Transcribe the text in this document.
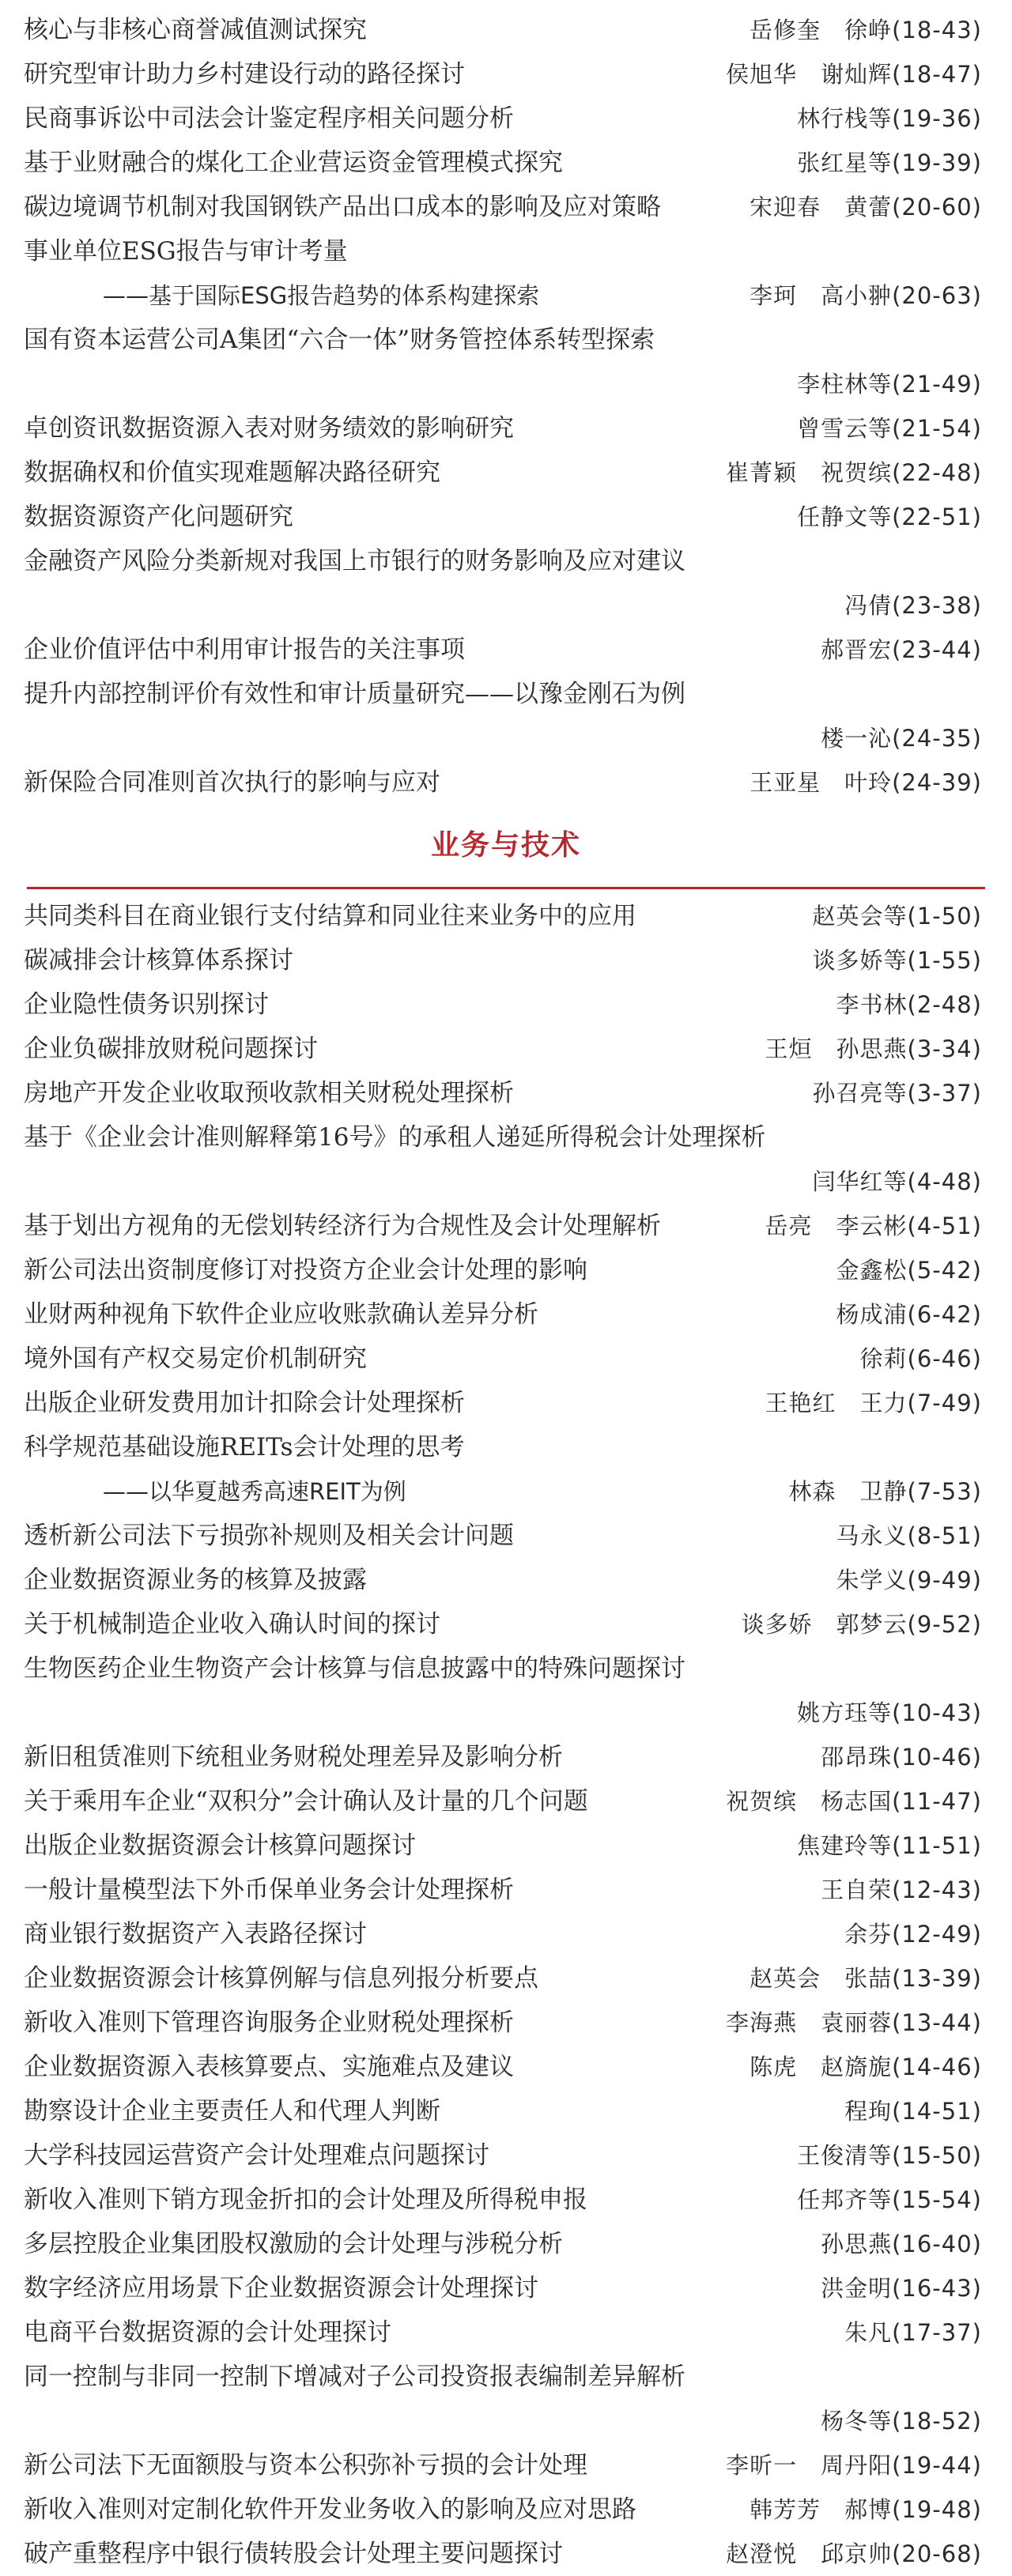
核心与非核心商誉减值测试探究	岳修奎　徐峥(18-43)
研究型审计助力乡村建设行动的路径探讨	侯旭华　谢灿辉(18-47)
民商事诉讼中司法会计鉴定程序相关问题分析	林行栈等(19-36)
基于业财融合的煤化工企业营运资金管理模式探究	张红星等(19-39)
碳边境调节机制对我国钢铁产品出口成本的影响及应对策略	宋迎春　黄蕾(20-60)
事业单位ESG报告与审计考量
——基于国际ESG报告趋势的体系构建探索	李珂　高小翀(20-63)
国有资本运营公司A集团“六合一体”财务管控体系转型探索
李柱林等(21-49)
卓创资讯数据资源入表对财务绩效的影响研究	曾雪云等(21-54)
数据确权和价值实现难题解决路径研究	崔菁颖　祝贺缤(22-48)
数据资源资产化问题研究	任静文等(22-51)
金融资产风险分类新规对我国上市银行的财务影响及应对建议
冯倩(23-38)
企业价值评估中利用审计报告的关注事项	郝晋宏(23-44)
提升内部控制评价有效性和审计质量研究——以豫金刚石为例
楼一沁(24-35)
新保险合同准则首次执行的影响与应对	王亚星　叶玲(24-39)
业务与技术
共同类科目在商业银行支付结算和同业往来业务中的应用	赵英会等(1-50)
碳减排会计核算体系探讨	谈多娇等(1-55)
企业隐性债务识别探讨	李书林(2-48)
企业负碳排放财税问题探讨	王烜　孙思燕(3-34)
房地产开发企业收取预收款相关财税处理探析	孙召亮等(3-37)
基于《企业会计准则解释第16号》的承租人递延所得税会计处理探析
闫华红等(4-48)
基于划出方视角的无偿划转经济行为合规性及会计处理解析	岳亮　李云彬(4-51)
新公司法出资制度修订对投资方企业会计处理的影响	金鑫松(5-42)
业财两种视角下软件企业应收账款确认差异分析	杨成浦(6-42)
境外国有产权交易定价机制研究	徐莉(6-46)
出版企业研发费用加计扣除会计处理探析	王艳红　王力(7-49)
科学规范基础设施REITs会计处理的思考
——以华夏越秀高速REIT为例	林森　卫静(7-53)
透析新公司法下亏损弥补规则及相关会计问题	马永义(8-51)
企业数据资源业务的核算及披露	朱学义(9-49)
关于机械制造企业收入确认时间的探讨	谈多娇　郭梦云(9-52)
生物医药企业生物资产会计核算与信息披露中的特殊问题探讨
姚方珏等(10-43)
新旧租赁准则下统租业务财税处理差异及影响分析	邵昂珠(10-46)
关于乘用车企业“双积分”会计确认及计量的几个问题	祝贺缤　杨志国(11-47)
出版企业数据资源会计核算问题探讨	焦建玲等(11-51)
一般计量模型法下外币保单业务会计处理探析	王自荣(12-43)
商业银行数据资产入表路径探讨	余芬(12-49)
企业数据资源会计核算例解与信息列报分析要点	赵英会　张喆(13-39)
新收入准则下管理咨询服务企业财税处理探析	李海燕　袁丽蓉(13-44)
企业数据资源入表核算要点、实施难点及建议	陈虎　赵旖旎(14-46)
勘察设计企业主要责任人和代理人判断	程珣(14-51)
大学科技园运营资产会计处理难点问题探讨	王俊清等(15-50)
新收入准则下销方现金折扣的会计处理及所得税申报	任邦齐等(15-54)
多层控股企业集团股权激励的会计处理与涉税分析	孙思燕(16-40)
数字经济应用场景下企业数据资源会计处理探讨	洪金明(16-43)
电商平台数据资源的会计处理探讨	朱凡(17-37)
同一控制与非同一控制下增减对子公司投资报表编制差异解析
杨冬等(18-52)
新公司法下无面额股与资本公积弥补亏损的会计处理	李昕一　周丹阳(19-44)
新收入准则对定制化软件开发业务收入的影响及应对思路	韩芳芳　郝博(19-48)
破产重整程序中银行债转股会计处理主要问题探讨	赵澄悦　邱京帅(20-68)
